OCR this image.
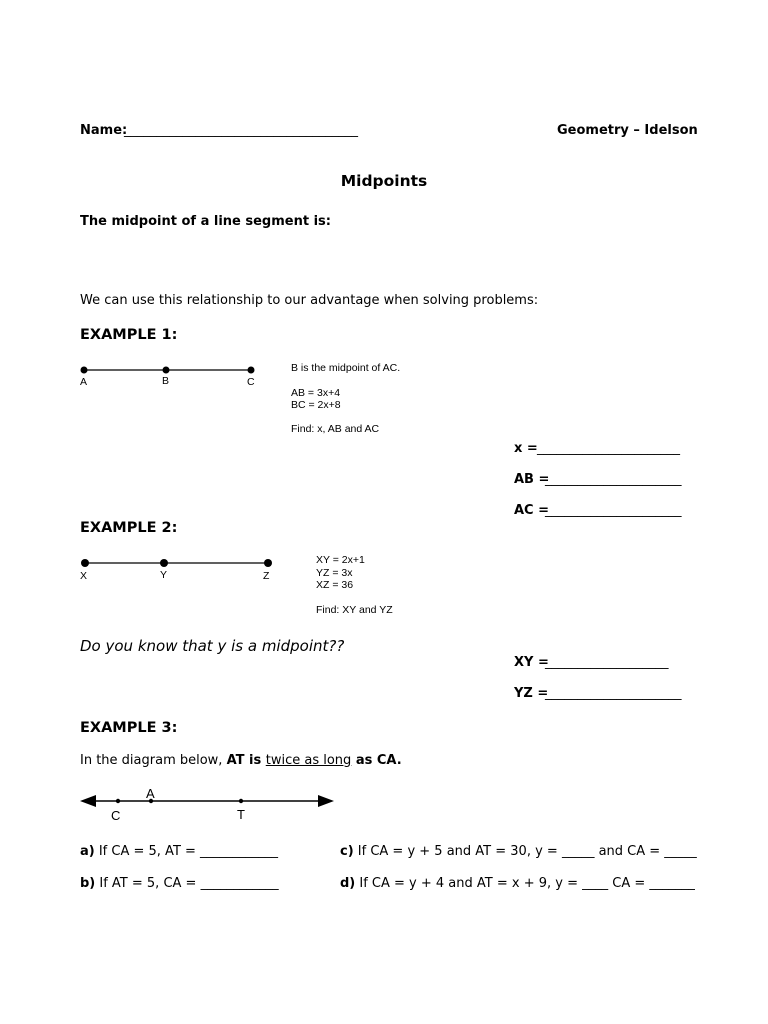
Name:
____________________________________	Geometry – Idelson
Midpoints
The midpoint of a line segment is:
We can use this relationship to our advantage when solving problems:
EXAMPLE 1:
A	B	C
B is the midpoint of AC.
AB = 3x+4
BC = 2x+8
Find: x, AB and AC
x = ______________________
AB =
_____________________
AC =
_____________________
EXAMPLE 2:
X	Y	Z
XY = 2x+1
YZ = 3x
XZ = 36
Find: XY and YZ
Do you know that y is a midpoint??
XY =
___________________
YZ =
_____________________
EXAMPLE 3:
In the diagram below, AT is twice as long as CA.
C
A
T
a) If CA = 5, AT = ____________
b) If AT = 5, CA = ____________
c) If CA = y + 5 and AT = 30, y = _____ and CA = _____
d) If CA = y + 4 and AT = x + 9, y = ____ CA = _______
